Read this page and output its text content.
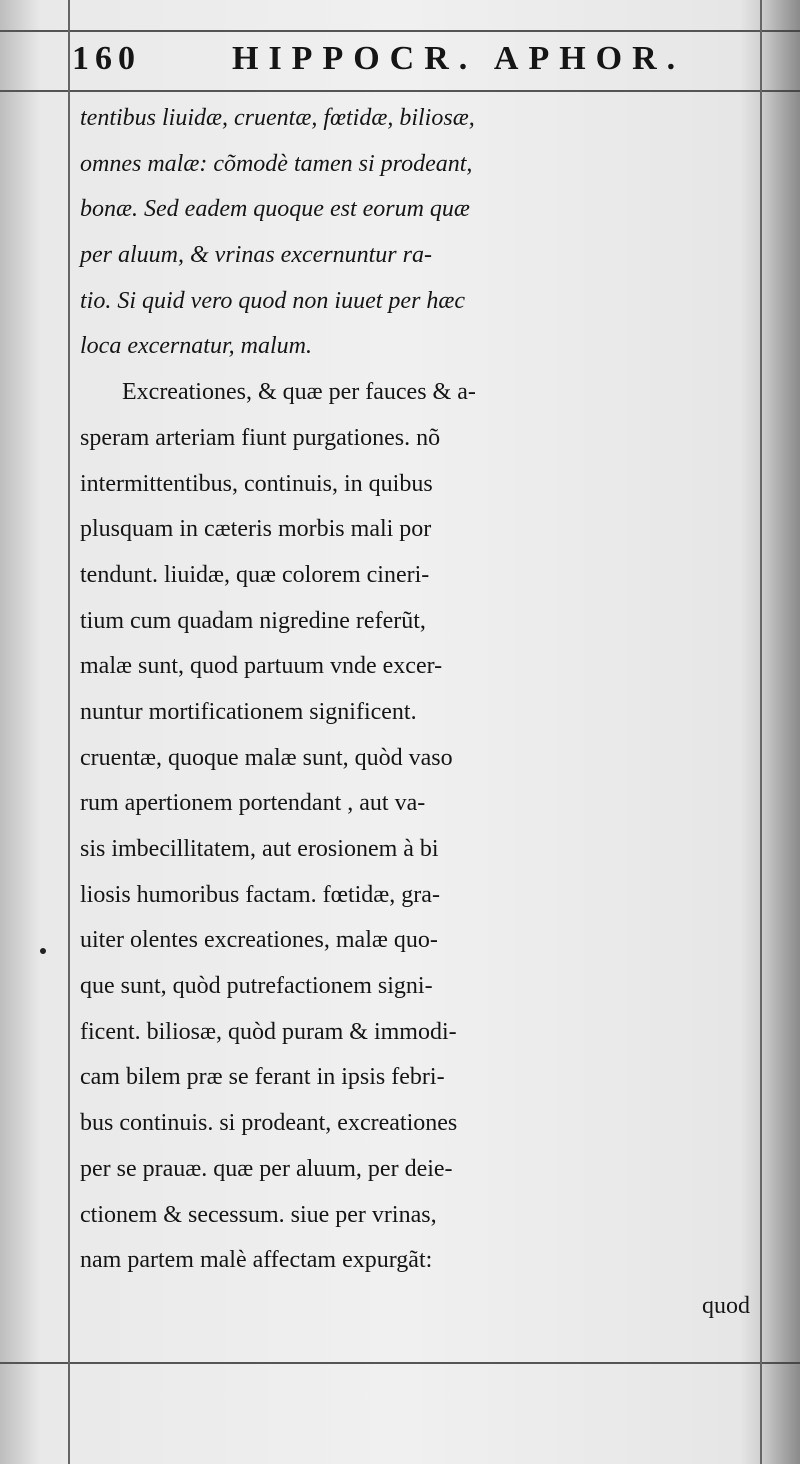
160	HIPPOCR. APHOR.
tentibus liuidæ, cruentæ, fœtidæ, biliosæ,
omnes malæ: cõmodè tamen si prodeant,
bonæ. Sed eadem quoque est eorum quæ
per aluum, & vrinas excernuntur ra-
tio. Si quid vero quod non iuuet per hæc
loca excernatur, malum.
Excreationes, & quæ per fauces & a-
speram arteriam fiunt purgationes. nõ
intermittentibus, continuis, in quibus
plusquam in cæteris morbis mali por
tendunt. liuidæ, quæ colorem cineri-
tium cum quadam nigredine referũt,
malæ sunt, quod partuum vnde excer-
nuntur mortificationem significent.
cruentæ, quoque malæ sunt, quòd vaso
rum apertionem portendant , aut va-
sis imbecillitatem, aut erosionem à bi
liosis humoribus factam. fœtidæ, gra-
uiter olentes excreationes, malæ quo-
que sunt, quòd putrefactionem signi-
ficent. biliosæ, quòd puram & immodi-
cam bilem præ se ferant in ipsis febri-
bus continuis. si prodeant, excreationes
per se prauæ. quæ per aluum, per deie-
ctionem & secessum. siue per vrinas,
nam partem malè affectam expurgãt:
quod
